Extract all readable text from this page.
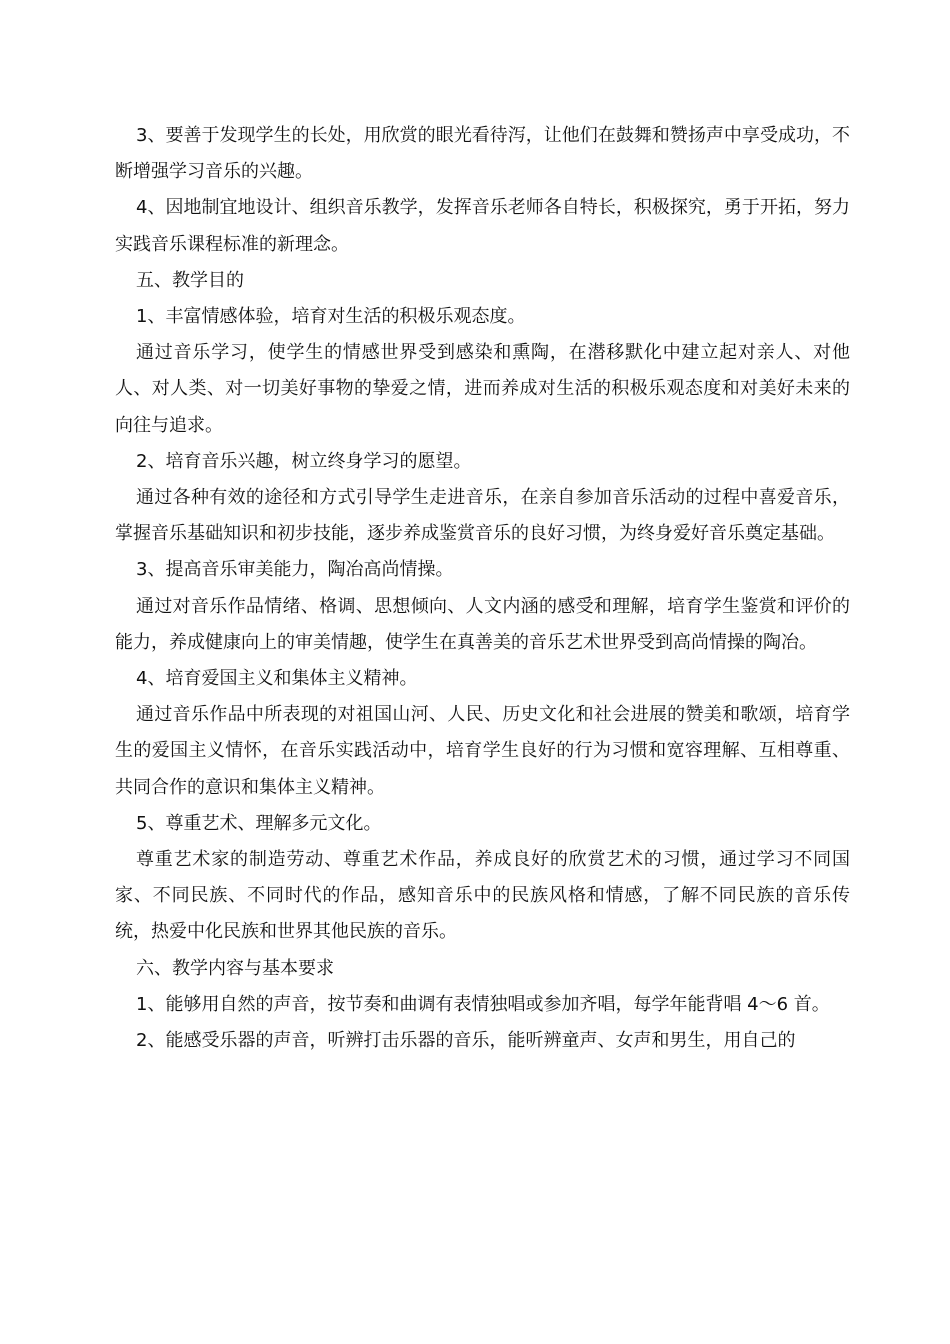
3、要善于发现学生的长处，用欣赏的眼光看待泻，让他们在鼓舞和赞扬声中享受成功，不断增强学习音乐的兴趣。

4、因地制宜地设计、组织音乐教学，发挥音乐老师各自特长，积极探究，勇于开拓，努力实践音乐课程标准的新理念。

五、教学目的

1、丰富情感体验，培育对生活的积极乐观态度。

通过音乐学习，使学生的情感世界受到感染和熏陶，在潜移默化中建立起对亲人、对他人、对人类、对一切美好事物的挚爱之情，进而养成对生活的积极乐观态度和对美好未来的向往与追求。

2、培育音乐兴趣，树立终身学习的愿望。

通过各种有效的途径和方式引导学生走进音乐，在亲自参加音乐活动的过程中喜爱音乐，掌握音乐基础知识和初步技能，逐步养成鉴赏音乐的良好习惯，为终身爱好音乐奠定基础。

3、提高音乐审美能力，陶冶高尚情操。

通过对音乐作品情绪、格调、思想倾向、人文内涵的感受和理解，培育学生鉴赏和评价的能力，养成健康向上的审美情趣，使学生在真善美的音乐艺术世界受到高尚情操的陶冶。

4、培育爱国主义和集体主义精神。

通过音乐作品中所表现的对祖国山河、人民、历史文化和社会进展的赞美和歌颂，培育学生的爱国主义情怀，在音乐实践活动中，培育学生良好的行为习惯和宽容理解、互相尊重、共同合作的意识和集体主义精神。

5、尊重艺术、理解多元文化。

尊重艺术家的制造劳动、尊重艺术作品，养成良好的欣赏艺术的习惯，通过学习不同国家、不同民族、不同时代的作品，感知音乐中的民族风格和情感，了解不同民族的音乐传统，热爱中化民族和世界其他民族的音乐。

六、教学内容与基本要求

1、能够用自然的声音，按节奏和曲调有表情独唱或参加齐唱，每学年能背唱 4～6 首。

2、能感受乐器的声音，听辨打击乐器的音乐，能听辨童声、女声和男生，用自己的
